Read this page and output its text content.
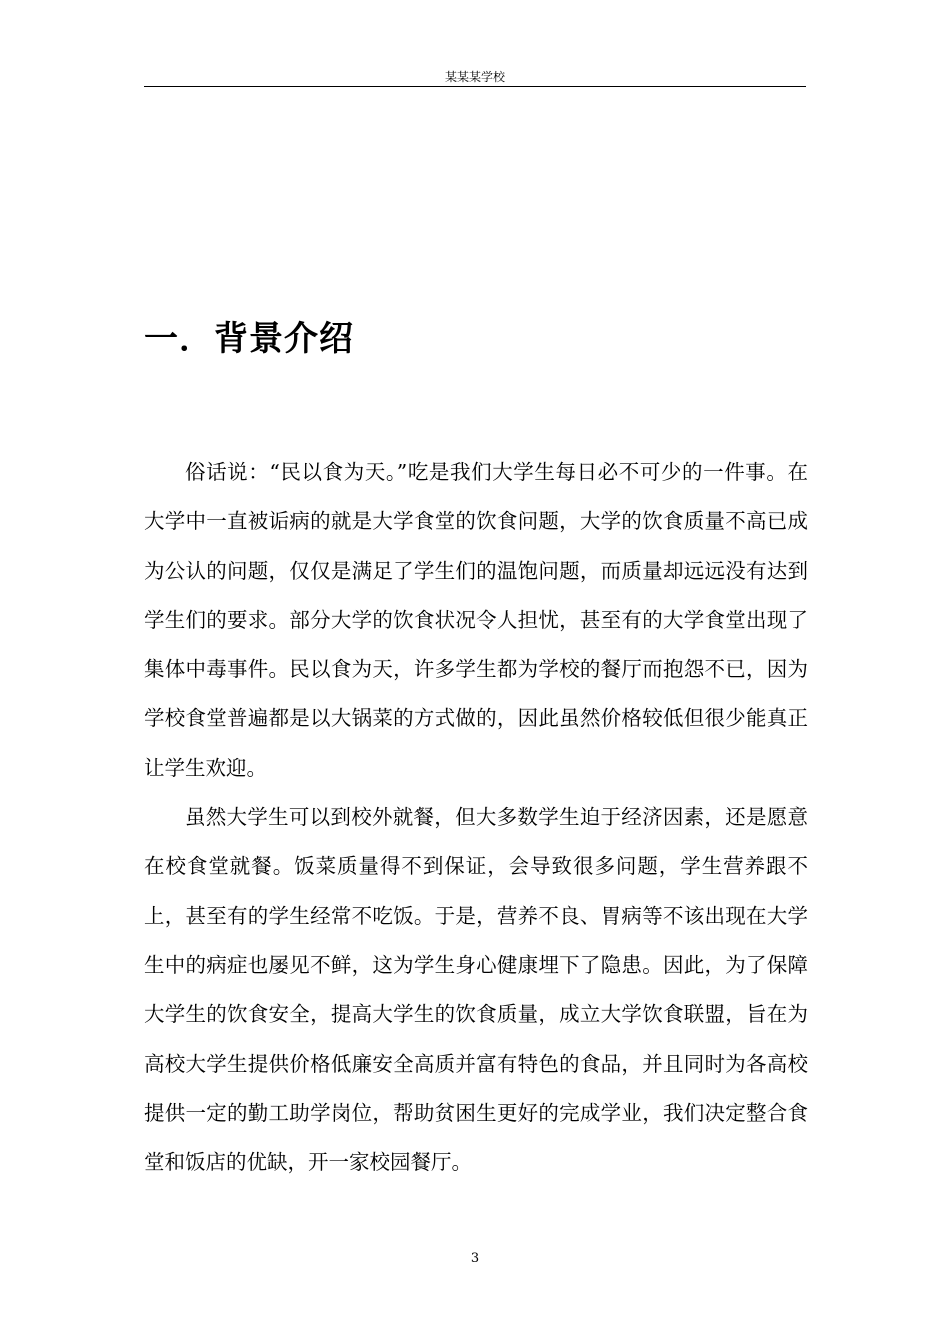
某某某学校
一．背景介绍

俗话说：“民以食为天。”吃是我们大学生每日必不可少的一件事。在大学中一直被诟病的就是大学食堂的饮食问题，大学的饮食质量不高已成为公认的问题，仅仅是满足了学生们的温饱问题，而质量却远远没有达到学生们的要求。部分大学的饮食状况令人担忧，甚至有的大学食堂出现了集体中毒事件。民以食为天，许多学生都为学校的餐厅而抱怨不已，因为学校食堂普遍都是以大锅菜的方式做的，因此虽然价格较低但很少能真正让学生欢迎。

虽然大学生可以到校外就餐，但大多数学生迫于经济因素，还是愿意在校食堂就餐。饭菜质量得不到保证，会导致很多问题，学生营养跟不上，甚至有的学生经常不吃饭。于是，营养不良、胃病等不该出现在大学生中的病症也屡见不鲜，这为学生身心健康埋下了隐患。因此，为了保障大学生的饮食安全，提高大学生的饮食质量，成立大学饮食联盟，旨在为高校大学生提供价格低廉安全高质并富有特色的食品，并且同时为各高校提供一定的勤工助学岗位，帮助贫困生更好的完成学业，我们决定整合食堂和饭店的优缺，开一家校园餐厅。

3
